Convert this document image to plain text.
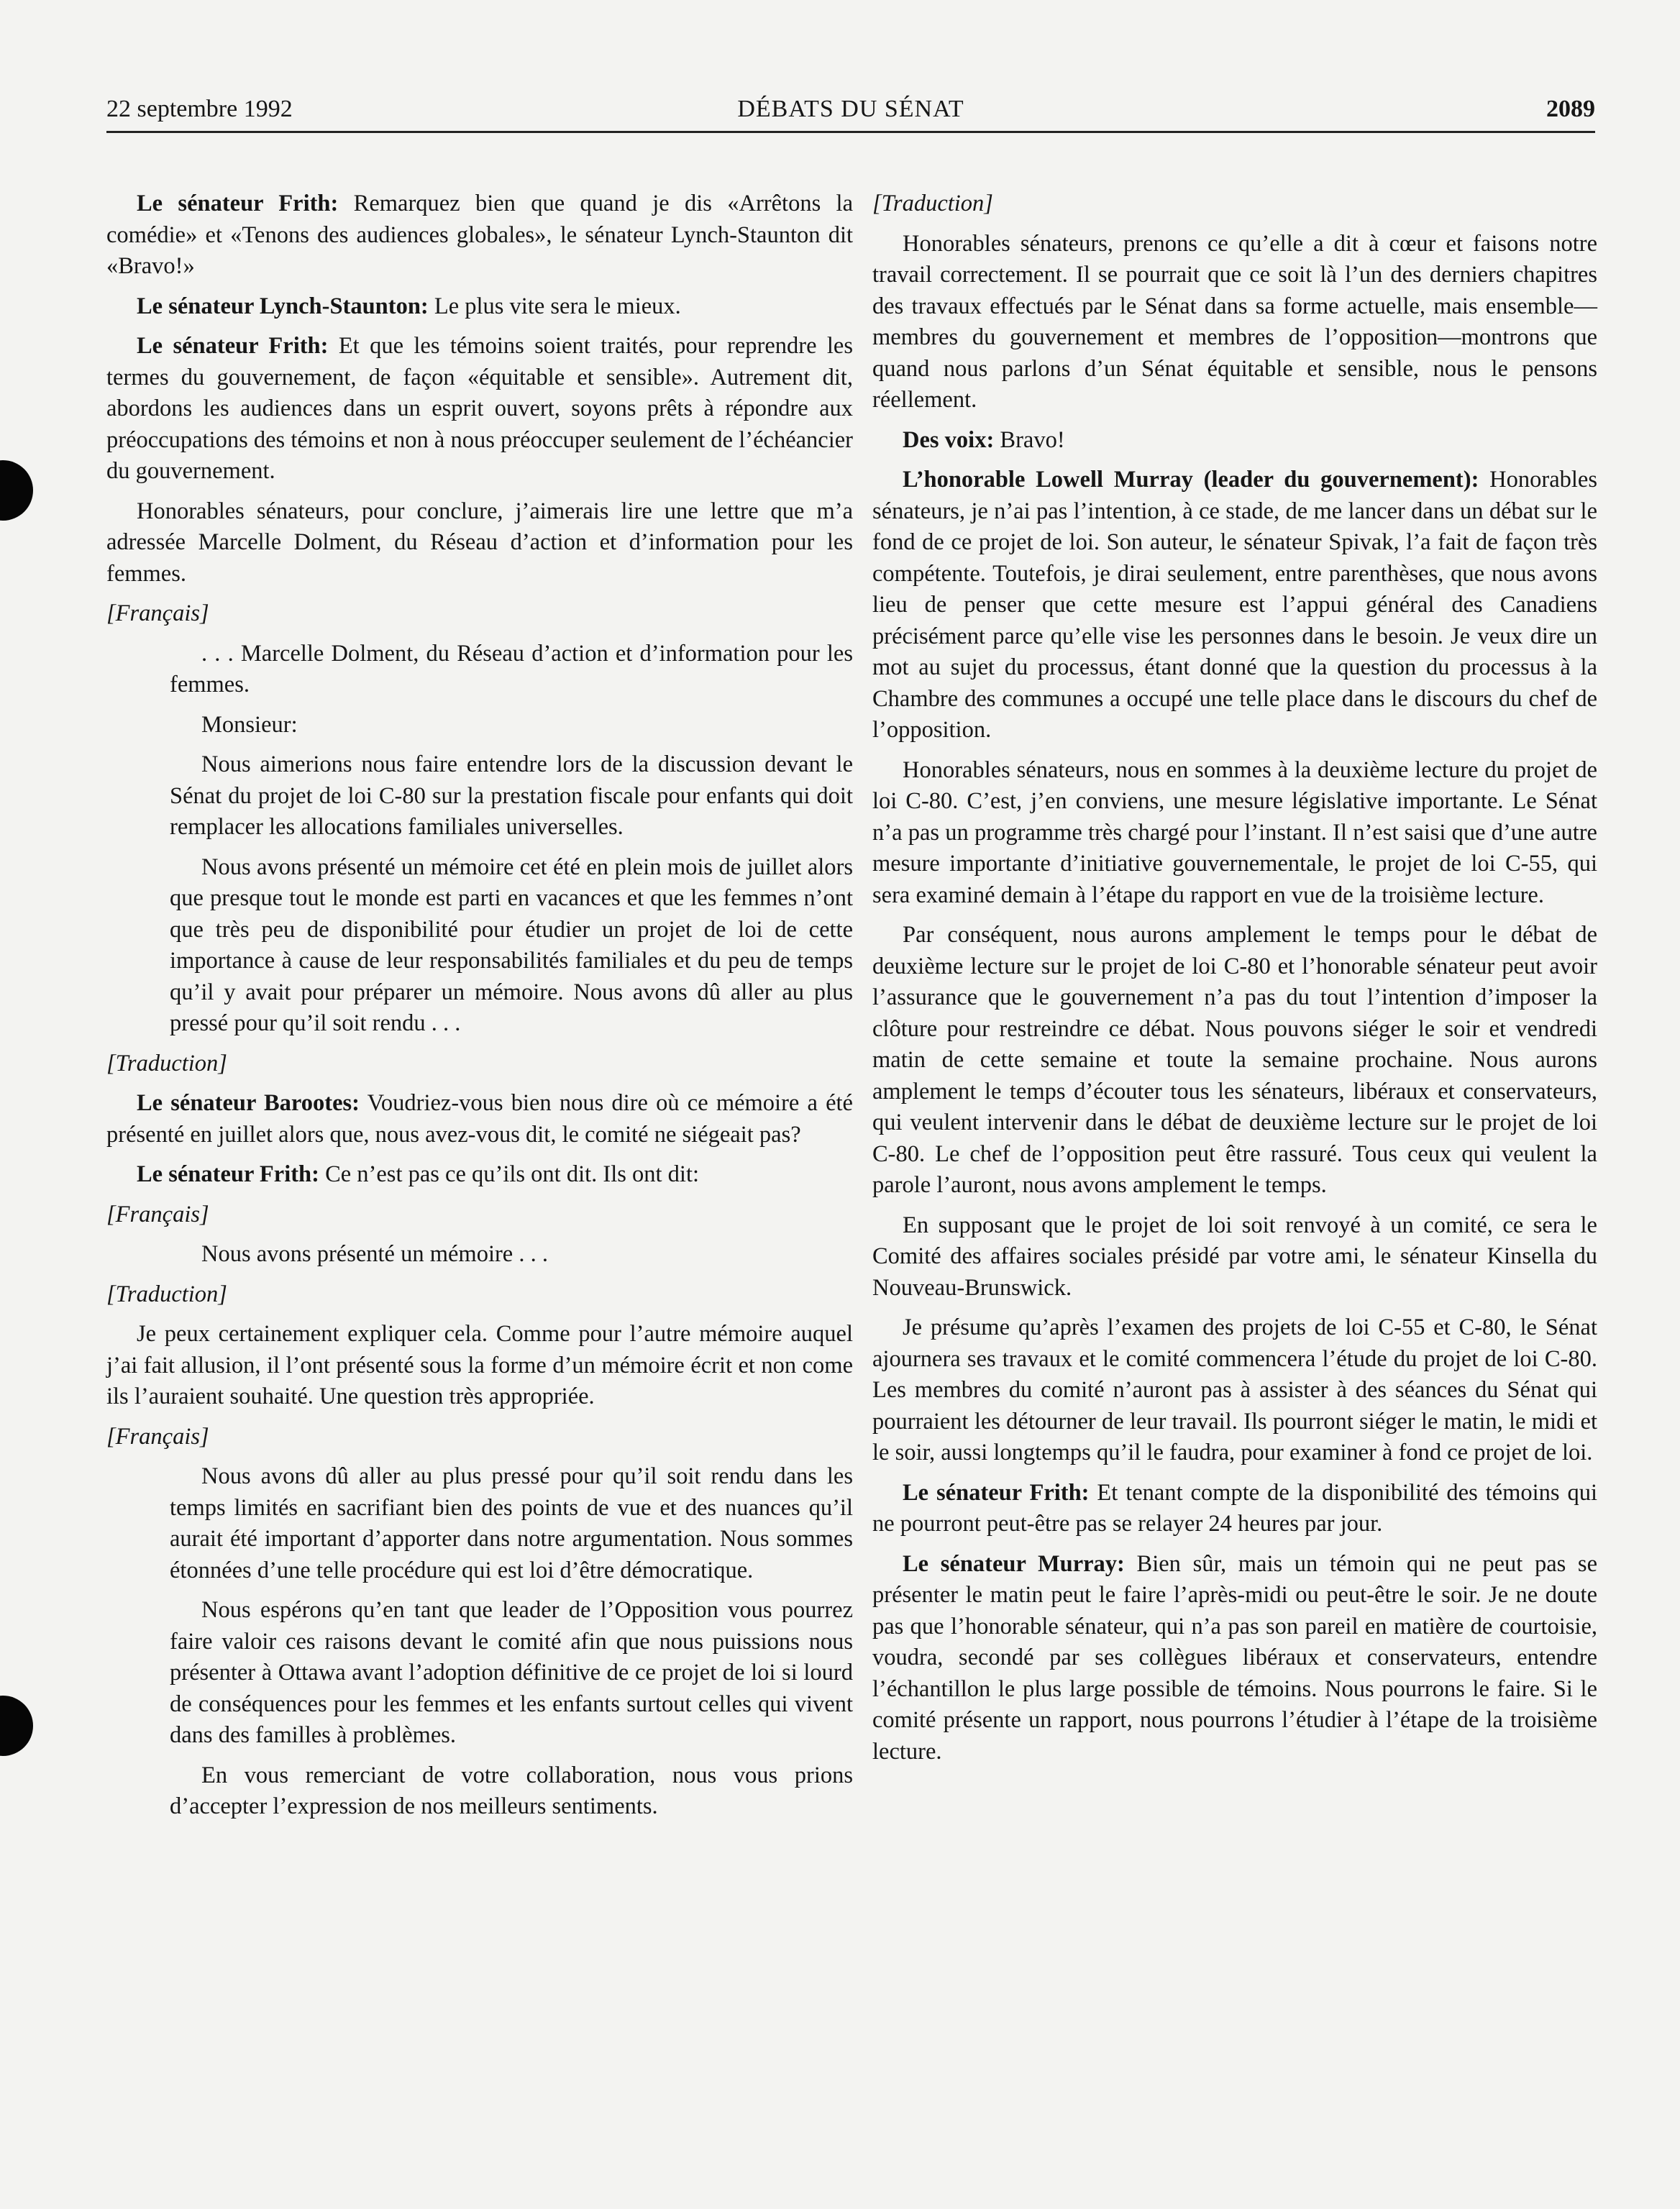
22 septembre 1992	DÉBATS DU SÉNAT	2089

Le sénateur Frith: Remarquez bien que quand je dis «Arrêtons la comédie» et «Tenons des audiences globales», le sénateur Lynch-Staunton dit «Bravo!»

Le sénateur Lynch-Staunton: Le plus vite sera le mieux.

Le sénateur Frith: Et que les témoins soient traités, pour reprendre les termes du gouvernement, de façon «équitable et sensible». Autrement dit, abordons les audiences dans un esprit ouvert, soyons prêts à répondre aux préoccupations des témoins et non à nous préoccuper seulement de l’échéancier du gouvernement.

Honorables sénateurs, pour conclure, j’aimerais lire une lettre que m’a adressée Marcelle Dolment, du Réseau d’action et d’information pour les femmes.

[Français]

. . . Marcelle Dolment, du Réseau d’action et d’information pour les femmes.

Monsieur:

Nous aimerions nous faire entendre lors de la discussion devant le Sénat du projet de loi C-80 sur la prestation fiscale pour enfants qui doit remplacer les allocations familiales universelles.

Nous avons présenté un mémoire cet été en plein mois de juillet alors que presque tout le monde est parti en vacances et que les femmes n’ont que très peu de disponibilité pour étudier un projet de loi de cette importance à cause de leur responsabilités familiales et du peu de temps qu’il y avait pour préparer un mémoire. Nous avons dû aller au plus pressé pour qu’il soit rendu . . .

[Traduction]

Le sénateur Barootes: Voudriez-vous bien nous dire où ce mémoire a été présenté en juillet alors que, nous avez-vous dit, le comité ne siégeait pas?

Le sénateur Frith: Ce n’est pas ce qu’ils ont dit. Ils ont dit:

[Français]

Nous avons présenté un mémoire . . .

[Traduction]

Je peux certainement expliquer cela. Comme pour l’autre mémoire auquel j’ai fait allusion, il l’ont présenté sous la forme d’un mémoire écrit et non come ils l’auraient souhaité. Une question très appropriée.

[Français]

Nous avons dû aller au plus pressé pour qu’il soit rendu dans les temps limités en sacrifiant bien des points de vue et des nuances qu’il aurait été important d’apporter dans notre argumentation. Nous sommes étonnées d’une telle procédure qui est loi d’être démocratique.

Nous espérons qu’en tant que leader de l’Opposition vous pourrez faire valoir ces raisons devant le comité afin que nous puissions nous présenter à Ottawa avant l’adoption définitive de ce projet de loi si lourd de conséquences pour les femmes et les enfants surtout celles qui vivent dans des familles à problèmes.

En vous remerciant de votre collaboration, nous vous prions d’accepter l’expression de nos meilleurs sentiments.

[Traduction]

Honorables sénateurs, prenons ce qu’elle a dit à cœur et faisons notre travail correctement. Il se pourrait que ce soit là l’un des derniers chapitres des travaux effectués par le Sénat dans sa forme actuelle, mais ensemble—membres du gouvernement et membres de l’opposition—montrons que quand nous parlons d’un Sénat équitable et sensible, nous le pensons réellement.

Des voix: Bravo!

L’honorable Lowell Murray (leader du gouvernement): Honorables sénateurs, je n’ai pas l’intention, à ce stade, de me lancer dans un débat sur le fond de ce projet de loi. Son auteur, le sénateur Spivak, l’a fait de façon très compétente. Toutefois, je dirai seulement, entre parenthèses, que nous avons lieu de penser que cette mesure est l’appui général des Canadiens précisément parce qu’elle vise les personnes dans le besoin. Je veux dire un mot au sujet du processus, étant donné que la question du processus à la Chambre des communes a occupé une telle place dans le discours du chef de l’opposition.

Honorables sénateurs, nous en sommes à la deuxième lecture du projet de loi C-80. C’est, j’en conviens, une mesure législative importante. Le Sénat n’a pas un programme très chargé pour l’instant. Il n’est saisi que d’une autre mesure importante d’initiative gouvernementale, le projet de loi C-55, qui sera examiné demain à l’étape du rapport en vue de la troisième lecture.

Par conséquent, nous aurons amplement le temps pour le débat de deuxième lecture sur le projet de loi C-80 et l’honorable sénateur peut avoir l’assurance que le gouvernement n’a pas du tout l’intention d’imposer la clôture pour restreindre ce débat. Nous pouvons siéger le soir et vendredi matin de cette semaine et toute la semaine prochaine. Nous aurons amplement le temps d’écouter tous les sénateurs, libéraux et conservateurs, qui veulent intervenir dans le débat de deuxième lecture sur le projet de loi C-80. Le chef de l’opposition peut être rassuré. Tous ceux qui veulent la parole l’auront, nous avons amplement le temps.

En supposant que le projet de loi soit renvoyé à un comité, ce sera le Comité des affaires sociales présidé par votre ami, le sénateur Kinsella du Nouveau-Brunswick.

Je présume qu’après l’examen des projets de loi C-55 et C-80, le Sénat ajournera ses travaux et le comité commencera l’étude du projet de loi C-80. Les membres du comité n’auront pas à assister à des séances du Sénat qui pourraient les détourner de leur travail. Ils pourront siéger le matin, le midi et le soir, aussi longtemps qu’il le faudra, pour examiner à fond ce projet de loi.

Le sénateur Frith: Et tenant compte de la disponibilité des témoins qui ne pourront peut-être pas se relayer 24 heures par jour.

Le sénateur Murray: Bien sûr, mais un témoin qui ne peut pas se présenter le matin peut le faire l’après-midi ou peut-être le soir. Je ne doute pas que l’honorable sénateur, qui n’a pas son pareil en matière de courtoisie, voudra, secondé par ses collègues libéraux et conservateurs, entendre l’échantillon le plus large possible de témoins. Nous pourrons le faire. Si le comité présente un rapport, nous pourrons l’étudier à l’étape de la troisième lecture.
